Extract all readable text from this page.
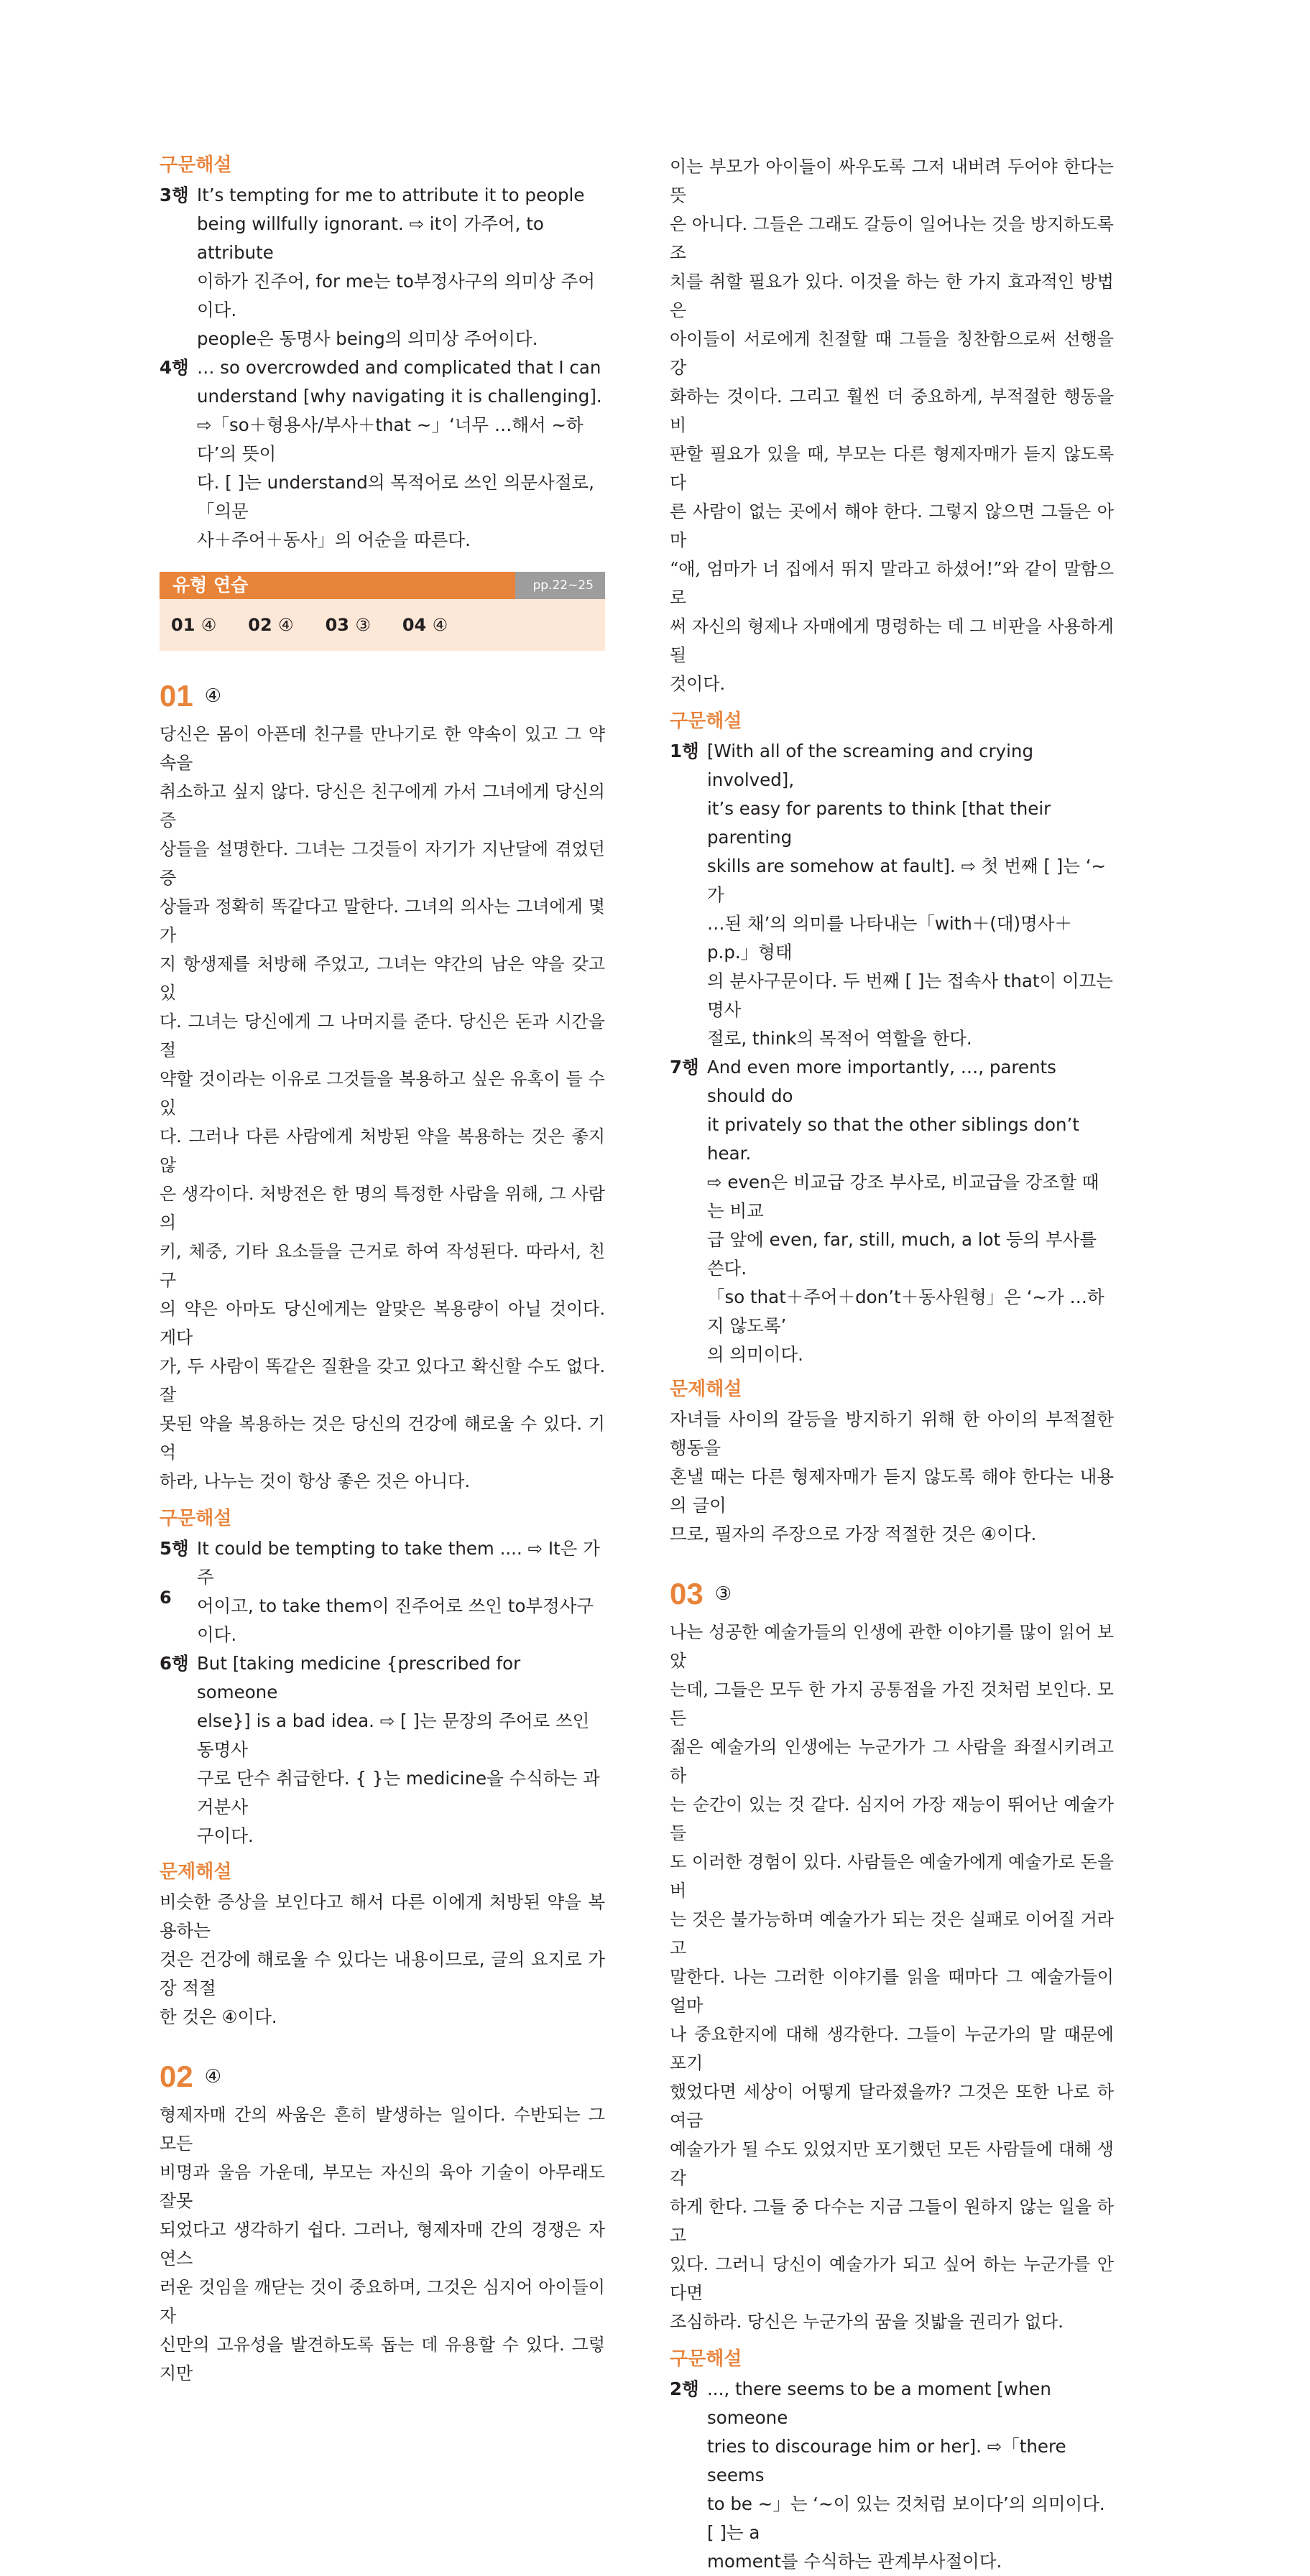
구문해설
3행 It’s tempting for me to attribute it to people

being willfully ignorant. ⇨ it이 가주어, to attribute

이하가 진주어, for me는 to부정사구의 의미상 주어이다.

people은 동명사 being의 의미상 주어이다.

4행 … so overcrowded and complicated that I can

understand [why navigating it is challenging].

⇨「so＋형용사/부사＋that ~」‘너무 …해서 ~하다’의 뜻이

다. [ ]는 understand의 목적어로 쓰인 의문사절로,「의문

사＋주어＋동사」의 어순을 따른다.

유형 연습	pp.22~25
01 ④ 02 ④ 03 ③ 04 ④
01 ④

당신은 몸이 아픈데 친구를 만나기로 한 약속이 있고 그 약속을

취소하고 싶지 않다. 당신은 친구에게 가서 그녀에게 당신의 증

상들을 설명한다. 그녀는 그것들이 자기가 지난달에 겪었던 증

상들과 정확히 똑같다고 말한다. 그녀의 의사는 그녀에게 몇 가

지 항생제를 처방해 주었고, 그녀는 약간의 남은 약을 갖고 있

다. 그녀는 당신에게 그 나머지를 준다. 당신은 돈과 시간을 절

약할 것이라는 이유로 그것들을 복용하고 싶은 유혹이 들 수 있

다. 그러나 다른 사람에게 처방된 약을 복용하는 것은 좋지 않

은 생각이다. 처방전은 한 명의 특정한 사람을 위해, 그 사람의

키, 체중, 기타 요소들을 근거로 하여 작성된다. 따라서, 친구

의 약은 아마도 당신에게는 알맞은 복용량이 아닐 것이다. 게다

가, 두 사람이 똑같은 질환을 갖고 있다고 확신할 수도 없다. 잘

못된 약을 복용하는 것은 당신의 건강에 해로울 수 있다. 기억

하라, 나누는 것이 항상 좋은 것은 아니다.

구문해설
5행 It could be tempting to take them .... ⇨ It은 가주

어이고, to take them이 진주어로 쓰인 to부정사구이다.

6행 But [taking medicine {prescribed for someone

else}] is a bad idea. ⇨ [ ]는 문장의 주어로 쓰인 동명사

구로 단수 취급한다. { }는 medicine을 수식하는 과거분사

구이다.

문제해설

비슷한 증상을 보인다고 해서 다른 이에게 처방된 약을 복용하는

것은 건강에 해로울 수 있다는 내용이므로, 글의 요지로 가장 적절

한 것은 ④이다.

02 ④

형제자매 간의 싸움은 흔히 발생하는 일이다. 수반되는 그 모든

비명과 울음 가운데, 부모는 자신의 육아 기술이 아무래도 잘못

되었다고 생각하기 쉽다. 그러나, 형제자매 간의 경쟁은 자연스

러운 것임을 깨닫는 것이 중요하며, 그것은 심지어 아이들이 자

신만의 고유성을 발견하도록 돕는 데 유용할 수 있다. 그렇지만

이는 부모가 아이들이 싸우도록 그저 내버려 두어야 한다는 뜻

은 아니다. 그들은 그래도 갈등이 일어나는 것을 방지하도록 조

치를 취할 필요가 있다. 이것을 하는 한 가지 효과적인 방법은

아이들이 서로에게 친절할 때 그들을 칭찬함으로써 선행을 강

화하는 것이다. 그리고 훨씬 더 중요하게, 부적절한 행동을 비

판할 필요가 있을 때, 부모는 다른 형제자매가 듣지 않도록 다

른 사람이 없는 곳에서 해야 한다. 그렇지 않으면 그들은 아마

“애, 엄마가 너 집에서 뛰지 말라고 하셨어!”와 같이 말함으로

써 자신의 형제나 자매에게 명령하는 데 그 비판을 사용하게 될

것이다.

구문해설
1행 [With all of the screaming and crying involved],

it’s easy for parents to think [that their parenting

skills are somehow at fault]. ⇨ 첫 번째 [ ]는 ‘~가

…된 채’의 의미를 나타내는「with＋(대)명사＋p.p.」형태

의 분사구문이다. 두 번째 [ ]는 접속사 that이 이끄는 명사

절로, think의 목적어 역할을 한다.

7행 And even more importantly, …, parents should do

it privately so that the other siblings don’t hear.

⇨ even은 비교급 강조 부사로, 비교급을 강조할 때는 비교

급 앞에 even, far, still, much, a lot 등의 부사를 쓴다.

「so that＋주어＋don’t＋동사원형」은 ‘~가 …하지 않도록’

의 의미이다.

문제해설

자녀들 사이의 갈등을 방지하기 위해 한 아이의 부적절한 행동을

혼낼 때는 다른 형제자매가 듣지 않도록 해야 한다는 내용의 글이

므로, 필자의 주장으로 가장 적절한 것은 ④이다.

03 ③

나는 성공한 예술가들의 인생에 관한 이야기를 많이 읽어 보았

는데, 그들은 모두 한 가지 공통점을 가진 것처럼 보인다. 모든

젊은 예술가의 인생에는 누군가가 그 사람을 좌절시키려고 하

는 순간이 있는 것 같다. 심지어 가장 재능이 뛰어난 예술가들

도 이러한 경험이 있다. 사람들은 예술가에게 예술가로 돈을 버

는 것은 불가능하며 예술가가 되는 것은 실패로 이어질 거라고

말한다. 나는 그러한 이야기를 읽을 때마다 그 예술가들이 얼마

나 중요한지에 대해 생각한다. 그들이 누군가의 말 때문에 포기

했었다면 세상이 어떻게 달라졌을까? 그것은 또한 나로 하여금

예술가가 될 수도 있었지만 포기했던 모든 사람들에 대해 생각

하게 한다. 그들 중 다수는 지금 그들이 원하지 않는 일을 하고

있다. 그러니 당신이 예술가가 되고 싶어 하는 누군가를 안다면

조심하라. 당신은 누군가의 꿈을 짓밟을 권리가 없다.

구문해설
2행 ..., there seems to be a moment [when someone

tries to discourage him or her]. ⇨「there seems

to be ~」는 ‘~이 있는 것처럼 보이다’의 의미이다. [ ]는 a

moment를 수식하는 관계부사절이다.

6
